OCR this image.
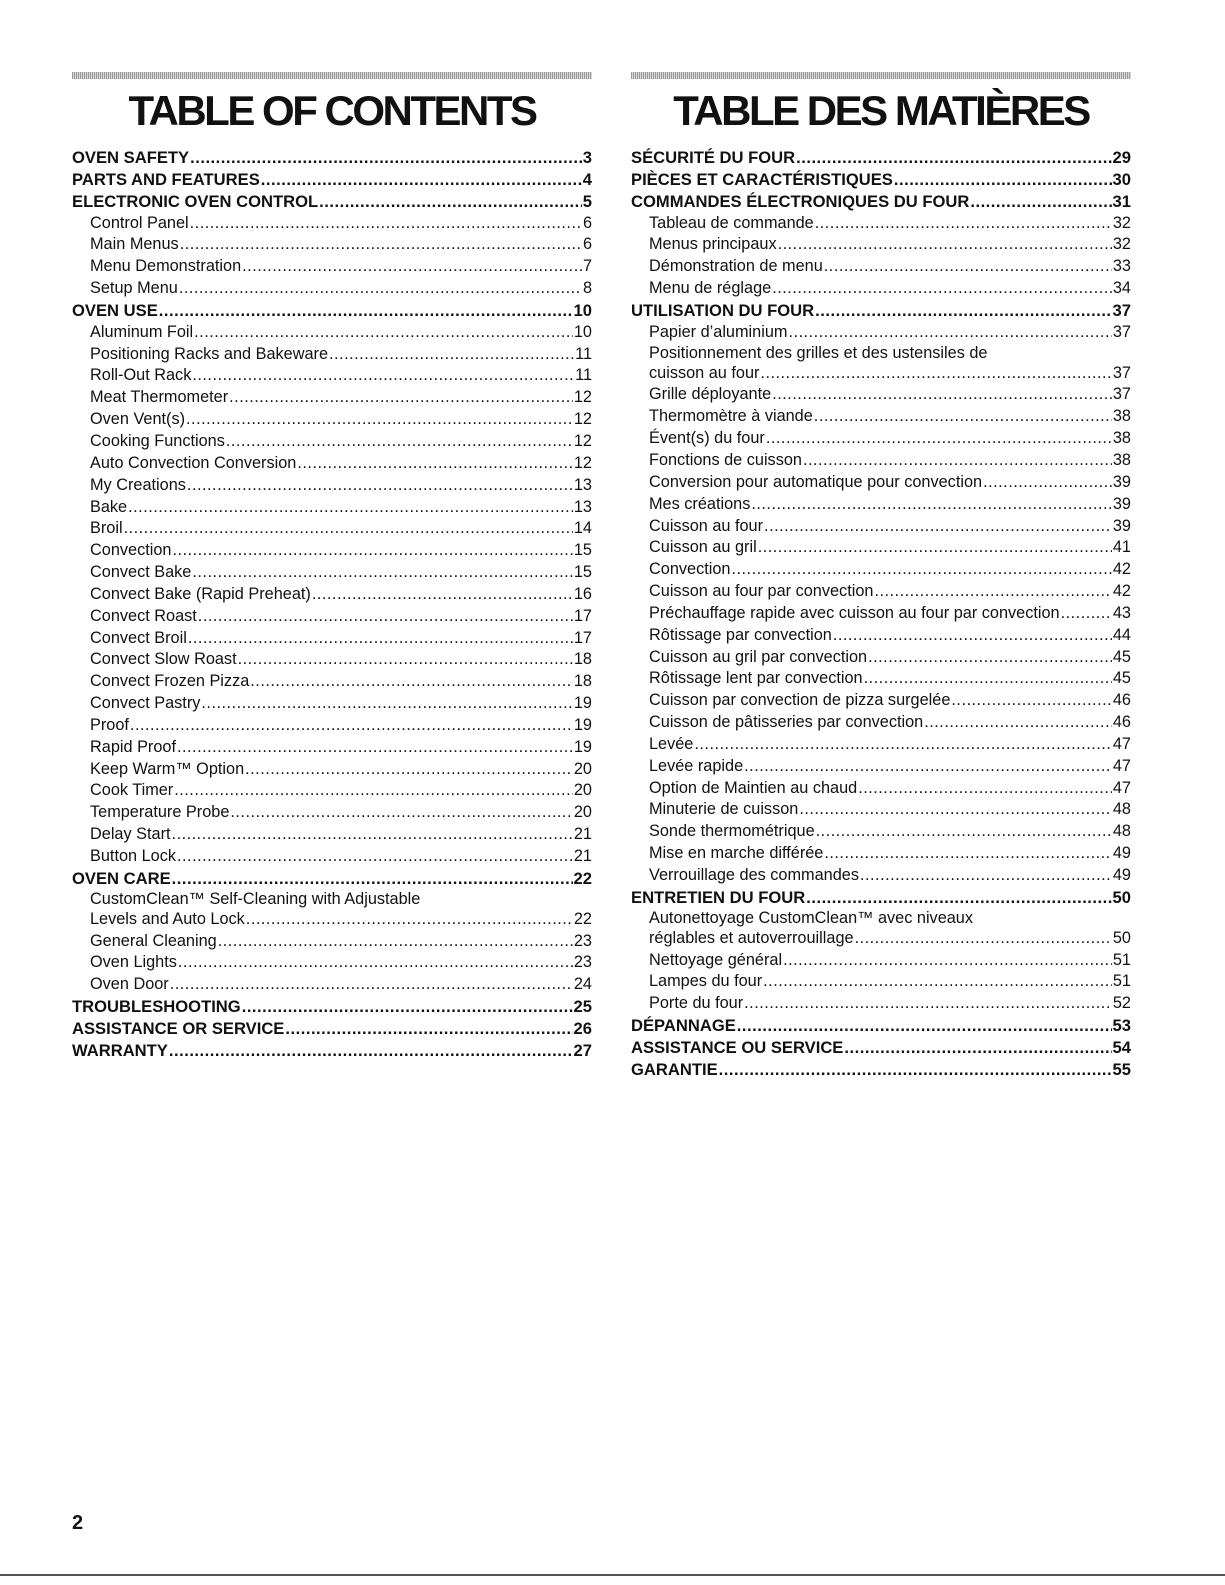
TABLE OF CONTENTS
OVEN SAFETY .....	3
PARTS AND FEATURES .....	4
ELECTRONIC OVEN CONTROL .....	5
Control Panel .....	6
Main Menus .....	6
Menu Demonstration .....	7
Setup Menu .....	8
OVEN USE .....	10
Aluminum Foil .....	10
Positioning Racks and Bakeware .....	11
Roll-Out Rack .....	11
Meat Thermometer .....	12
Oven Vent(s) .....	12
Cooking Functions .....	12
Auto Convection Conversion .....	12
My Creations .....	13
Bake .....	13
Broil .....	14
Convection .....	15
Convect Bake .....	15
Convect Bake (Rapid Preheat) .....	16
Convect Roast .....	17
Convect Broil .....	17
Convect Slow Roast .....	18
Convect Frozen Pizza .....	18
Convect Pastry .....	19
Proof .....	19
Rapid Proof .....	19
Keep Warm™ Option .....	20
Cook Timer .....	20
Temperature Probe .....	20
Delay Start .....	21
Button Lock .....	21
OVEN CARE .....	22
CustomClean™ Self-Cleaning with Adjustable
Levels and Auto Lock .....	22
General Cleaning .....	23
Oven Lights .....	23
Oven Door .....	24
TROUBLESHOOTING .....	25
ASSISTANCE OR SERVICE .....	26
WARRANTY .....	27
TABLE DES MATIÈRES
SÉCURITÉ DU FOUR .....	29
PIÈCES ET CARACTÉRISTIQUES .....	30
COMMANDES ÉLECTRONIQUES DU FOUR .....	31
Tableau de commande .....	32
Menus principaux .....	32
Démonstration de menu .....	33
Menu de réglage .....	34
UTILISATION DU FOUR .....	37
Papier d’aluminium .....	37
Positionnement des grilles et des ustensiles de
cuisson au four .....	37
Grille déployante .....	37
Thermomètre à viande .....	38
Évent(s) du four .....	38
Fonctions de cuisson .....	38
Conversion pour automatique pour convection .....	39
Mes créations .....	39
Cuisson au four .....	39
Cuisson au gril .....	41
Convection .....	42
Cuisson au four par convection .....	42
Préchauffage rapide avec cuisson au four par convection .....	43
Rôtissage par convection .....	44
Cuisson au gril par convection .....	45
Rôtissage lent par convection .....	45
Cuisson par convection de pizza surgelée .....	46
Cuisson de pâtisseries par convection .....	46
Levée .....	47
Levée rapide .....	47
Option de Maintien au chaud .....	47
Minuterie de cuisson .....	48
Sonde thermométrique .....	48
Mise en marche différée .....	49
Verrouillage des commandes .....	49
ENTRETIEN DU FOUR .....	50
Autonettoyage CustomClean™ avec niveaux
réglables et autoverrouillage .....	50
Nettoyage général .....	51
Lampes du four .....	51
Porte du four .....	52
DÉPANNAGE .....	53
ASSISTANCE OU SERVICE .....	54
GARANTIE .....	55
2
